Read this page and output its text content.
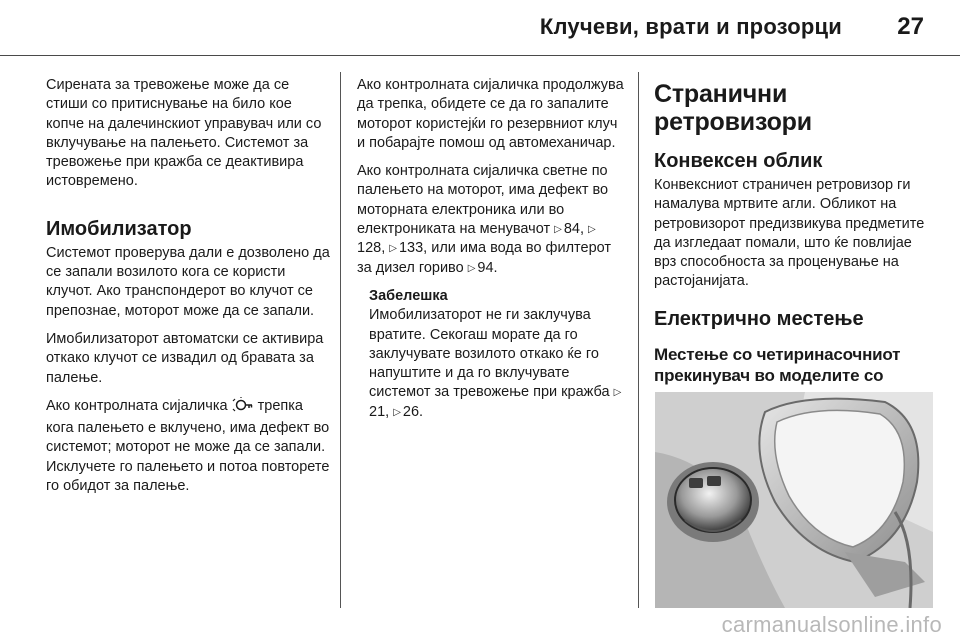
Клучеви, врати и прозорци 27

Сирената за тревожење може да се стиши со притиснување на било кое копче на далечинскиот управувач или со вклучување на палењето. Системот за тревожење при кражба се деактивира истовремено.

Имобилизатор

Системот проверува дали е дозволено да се запали возилото кога се користи клучот. Ако транспондерот во клучот се препознае, моторот може да се запали.

Имобилизаторот автоматски се активира откако клучот се извадил од бравата за палење.

Ако контролната сијаличка трепка кога палењето е вклучено, има дефект во системот; моторот не може да се запали. Исклучете го палењето и потоа повторете го обидот за палење.

Ако контролната сијаличка продолжува да трепка, обидете се да го запалите моторот користејќи го резервниот клуч и побарајте помош од автомеханичар.

Ако контролната сијаличка светне по палењето на моторот, има дефект во моторната електроника или во електрониката на менувачот ▷ 84, ▷128, ▷ 133, или има вода во филтерот за дизел гориво ▷ 94.

Забелешка
Имобилизаторот не ги заклучува вратите. Секогаш морате да го заклучувате возилото откако ќе го напуштите и да го вклучувате системот за тревожење при кражба ▷21, ▷ 26.
Странични ретровизори
Конвексен облик

Конвексниот страничен ретровизор ги намалува мртвите агли. Обликот на ретровизорот предизвикува предметите да изгледаат помали, што ќе повлијае врз способноста за проценување на растојанијата.

Електрично местење
Местење со четиринасочниот прекинувач во моделите со
carmanualsonline.info
